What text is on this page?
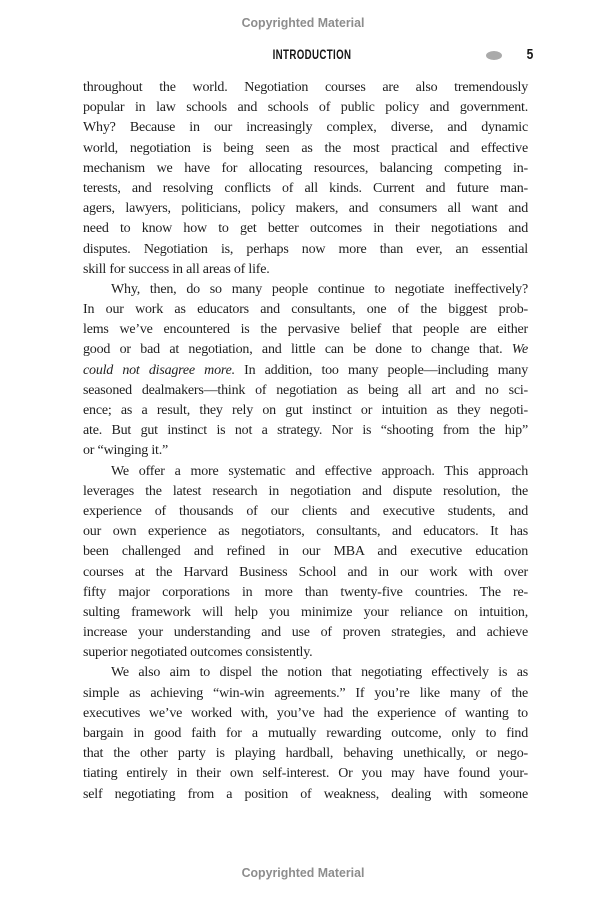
Copyrighted Material
INTRODUCTION	5
throughout the world. Negotiation courses are also tremendously
popular in law schools and schools of public policy and government.
Why? Because in our increasingly complex, diverse, and dynamic
world, negotiation is being seen as the most practical and effective
mechanism we have for allocating resources, balancing competing in-
terests, and resolving conflicts of all kinds. Current and future man-
agers, lawyers, politicians, policy makers, and consumers all want and
need to know how to get better outcomes in their negotiations and
disputes. Negotiation is, perhaps now more than ever, an essential
skill for success in all areas of life.
Why, then, do so many people continue to negotiate ineffectively?
In our work as educators and consultants, one of the biggest prob-
lems we’ve encountered is the pervasive belief that people are either
good or bad at negotiation, and little can be done to change that. We
could not disagree more. In addition, too many people—including many
seasoned dealmakers—think of negotiation as being all art and no sci-
ence; as a result, they rely on gut instinct or intuition as they negoti-
ate. But gut instinct is not a strategy. Nor is “shooting from the hip”
or “winging it.”
We offer a more systematic and effective approach. This approach
leverages the latest research in negotiation and dispute resolution, the
experience of thousands of our clients and executive students, and
our own experience as negotiators, consultants, and educators. It has
been challenged and refined in our MBA and executive education
courses at the Harvard Business School and in our work with over
fifty major corporations in more than twenty-five countries. The re-
sulting framework will help you minimize your reliance on intuition,
increase your understanding and use of proven strategies, and achieve
superior negotiated outcomes consistently.
We also aim to dispel the notion that negotiating effectively is as
simple as achieving “win-win agreements.” If you’re like many of the
executives we’ve worked with, you’ve had the experience of wanting to
bargain in good faith for a mutually rewarding outcome, only to find
that the other party is playing hardball, behaving unethically, or nego-
tiating entirely in their own self-interest. Or you may have found your-
self negotiating from a position of weakness, dealing with someone
Copyrighted Material
